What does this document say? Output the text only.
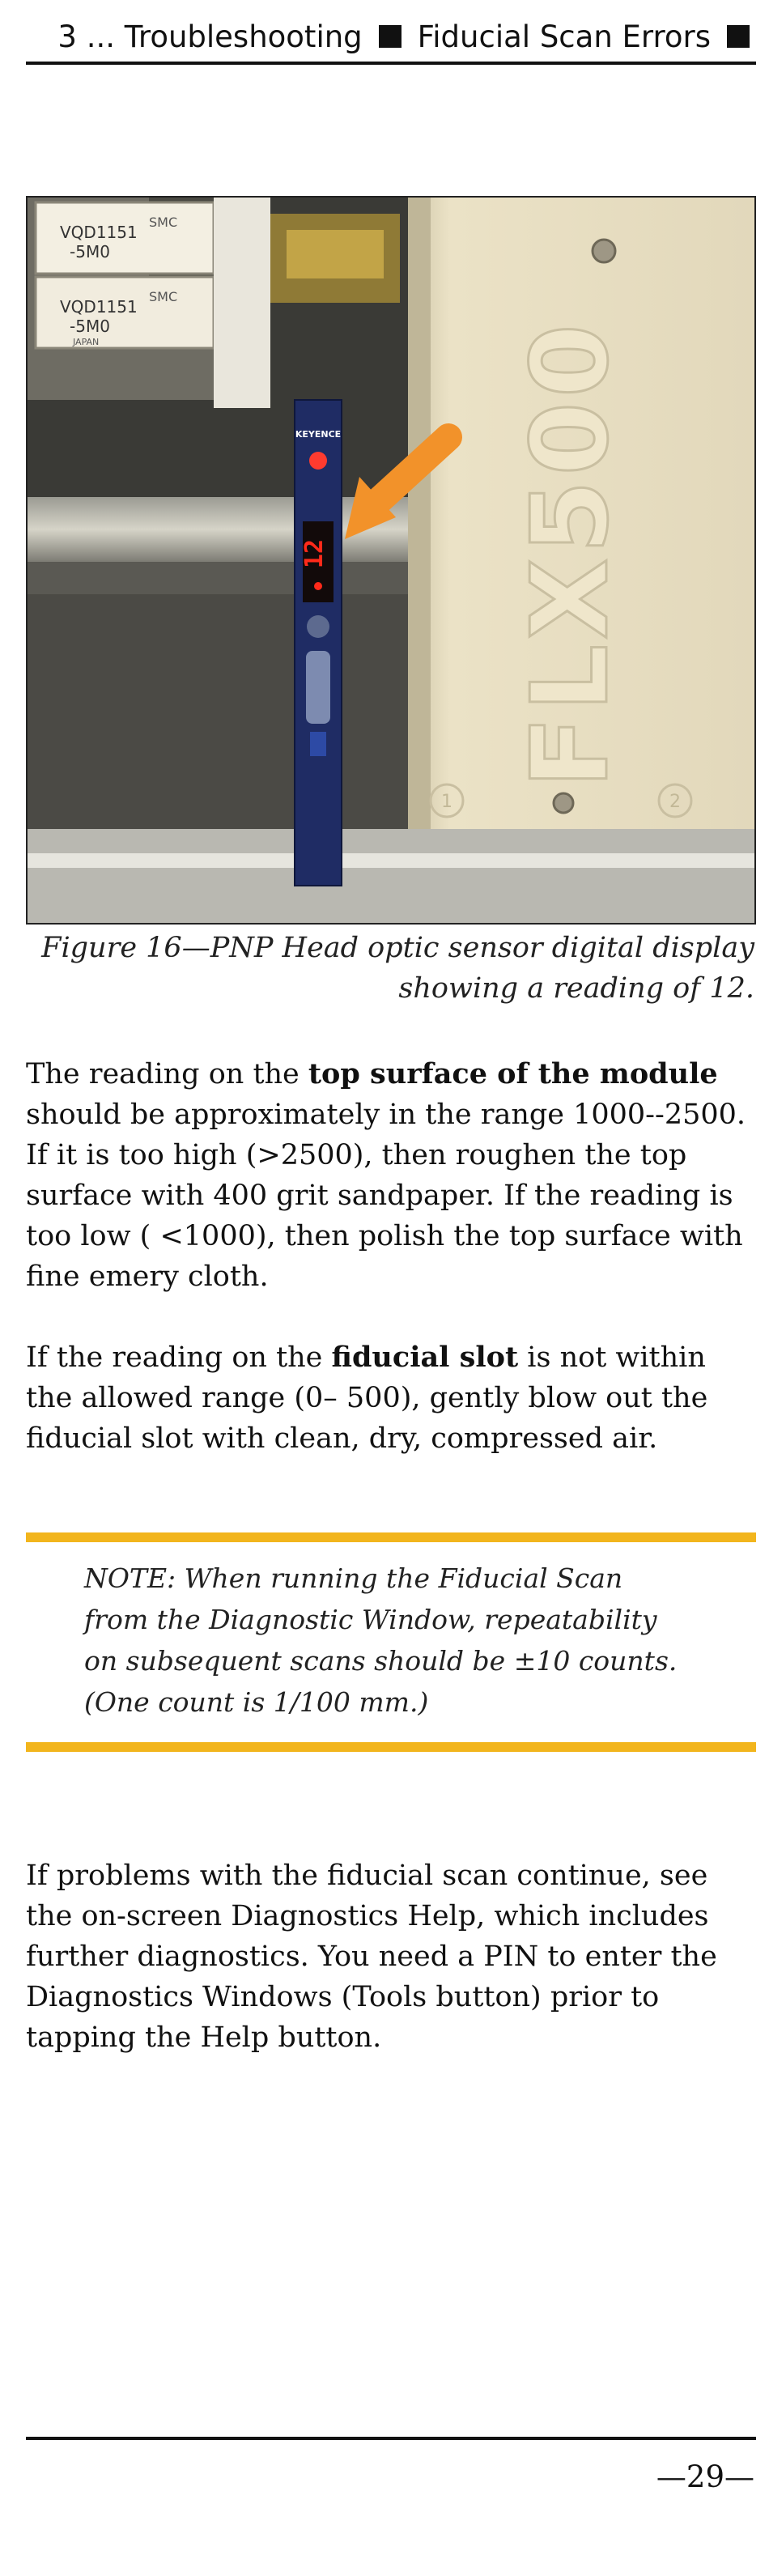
3 ... Troubleshooting Fiducial Scan Errors
VQD1151
-5M0
SMC
VQD1151
-5M0
SMC
JAPAN	FLX500
1	2
KEYENCE
12
Figure 16—PNP Head optic sensor digital display
showing a reading of 12.
The reading on the top surface of the module should be approximately in the range 1000--2500. If it is too high (>2500), then roughen the top surface with 400 grit sandpaper. If the reading is too low ( <1000), then polish the top surface with fine emery cloth.
If the reading on the fiducial slot is not within the allowed range (0– 500), gently blow out the fiducial slot with clean, dry, compressed air.
NOTE: When running the Fiducial Scan
from the Diagnostic Window, repeatability
on subsequent scans should be ±10 counts.
(One count is 1/100 mm.)
If problems with the fiducial scan continue, see the on-screen Diagnostics Help, which includes further diagnostics. You need a PIN to enter the Diagnostics Windows (Tools button) prior to tapping the Help button.
—29—
